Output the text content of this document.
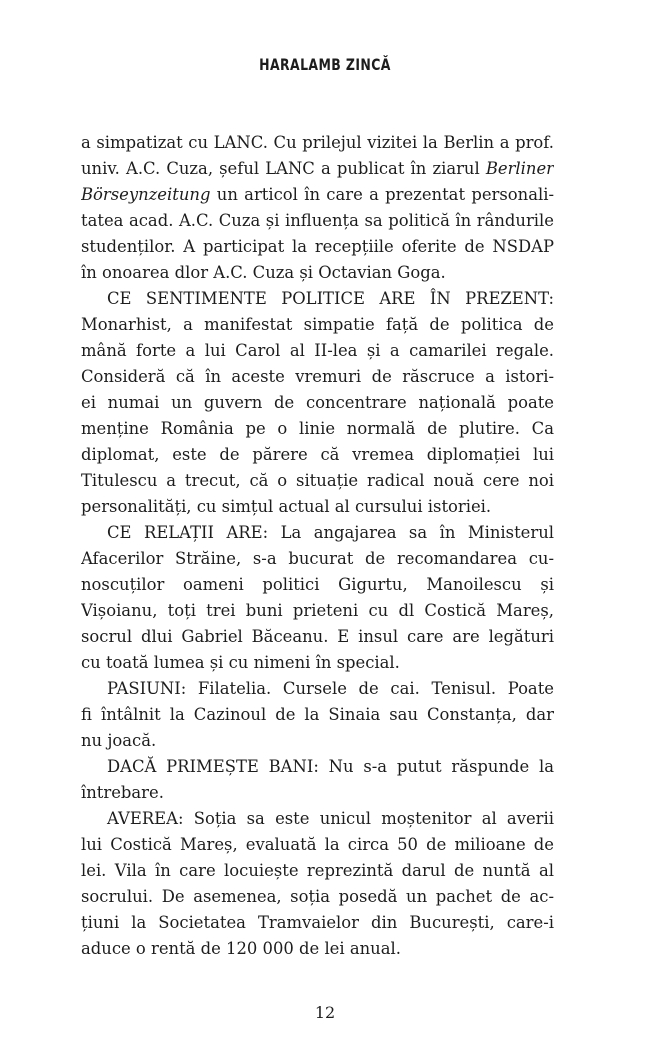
HARALAMB ZINCĂ
a simpatizat cu LANC. Cu prilejul vizitei la Berlin a prof.
univ. A.C. Cuza, șeful LANC a publicat în ziarul Berliner
Börseynzeitung un articol în care a prezentat personali-
tatea acad. A.C. Cuza și influența sa politică în rândurile
studenților. A participat la recepțiile oferite de NSDAP
în onoarea dlor A.C. Cuza și Octavian Goga.
CE SENTIMENTE POLITICE ARE ÎN PREZENT:
Monarhist, a manifestat simpatie față de politica de
mână forte a lui Carol al II-lea și a camarilei regale.
Consideră că în aceste vremuri de răscruce a istori-
ei numai un guvern de concentrare națională poate
menține România pe o linie normală de plutire. Ca
diplomat, este de părere că vremea diplomației lui
Titulescu a trecut, că o situație radical nouă cere noi
personalități, cu simțul actual al cursului istoriei.
CE RELAȚII ARE: La angajarea sa în Ministerul
Afacerilor Străine, s-a bucurat de recomandarea cu-
noscuților oameni politici Gigurtu, Manoilescu și
Vișoianu, toți trei buni prieteni cu dl Costică Mareș,
socrul dlui Gabriel Băceanu. E insul care are legături
cu toată lumea și cu nimeni în special.
PASIUNI: Filatelia. Cursele de cai. Tenisul. Poate
fi întâlnit la Cazinoul de la Sinaia sau Constanța, dar
nu joacă.
DACĂ PRIMEȘTE BANI: Nu s-a putut răspunde la
întrebare.
AVEREA: Soția sa este unicul moștenitor al averii
lui Costică Mareș, evaluată la circa 50 de milioane de
lei. Vila în care locuiește reprezintă darul de nuntă al
socrului. De asemenea, soția posedă un pachet de ac-
țiuni la Societatea Tramvaielor din București, care-i
aduce o rentă de 120 000 de lei anual.
12
